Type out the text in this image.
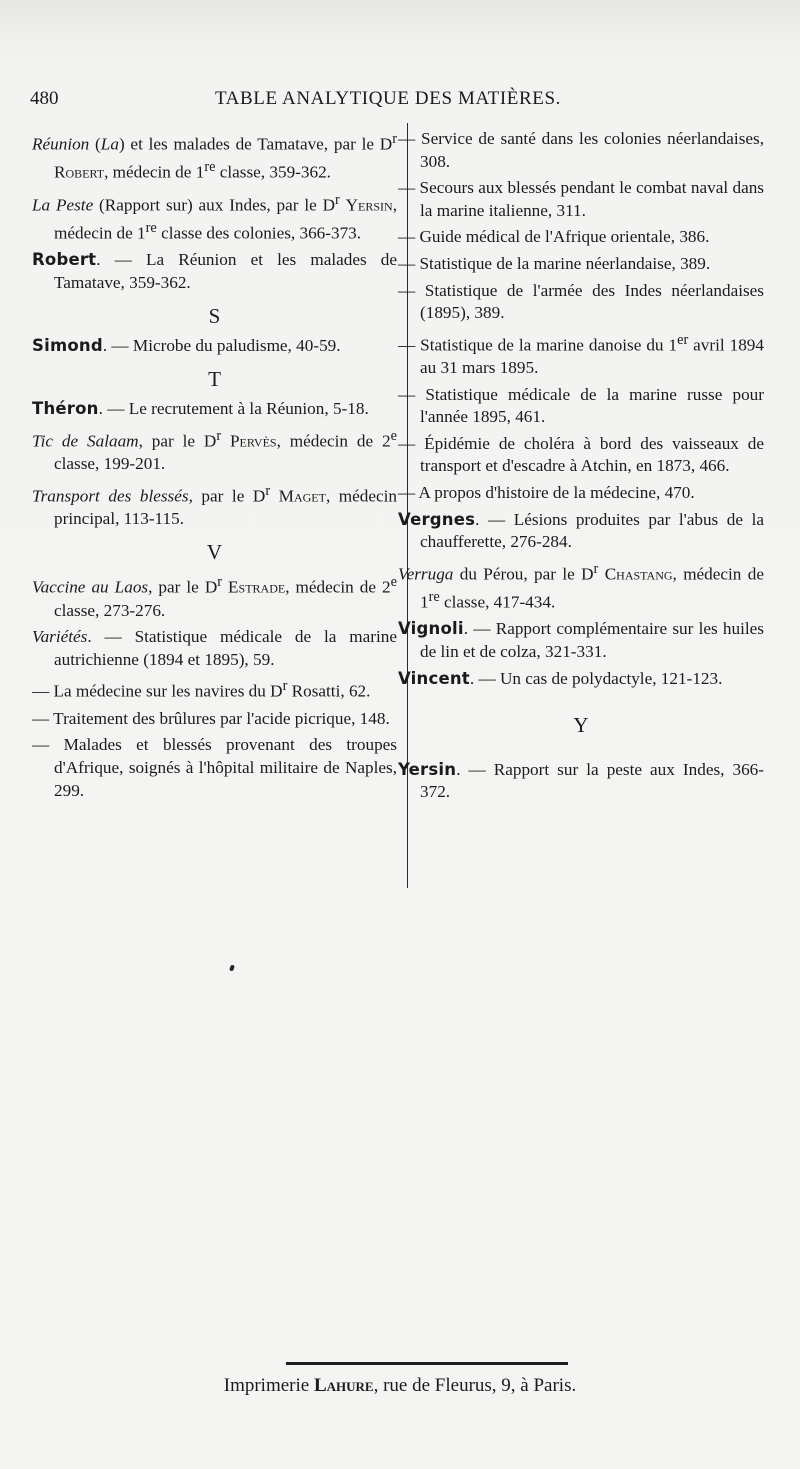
480	TABLE ANALYTIQUE DES MATIÈRES.

Réunion (La) et les malades de Tamatave, par le $D^r$ Robert, médecin de 1re classe, 359-362.

La Peste (Rapport sur) aux Indes, par le $D^r$ Yersin, médecin de 1re classe des colonies, 366-373.

Robert. — La Réunion et les malades de Tamatave, 359-362.

S

Simond. — Microbe du paludisme, 40-59.

T

Théron. — Le recrutement à la Réunion, 5-18.

Tic de Salaam, par le $D^r$ Pervès, médecin de 2e classe, 199-201.

Transport des blessés, par le $D^r$ Maget, médecin principal, 113-115.

V

Vaccine au Laos, par le $D^r$ Estrade, médecin de 2e classe, 273-276.

Variétés. — Statistique médicale de la marine autrichienne (1894 et 1895), 59.

— La médecine sur les navires du $D^r$ Rosatti, 62.

— Traitement des brûlures par l'acide picrique, 148.

— Malades et blessés provenant des troupes d'Afrique, soignés à l'hôpital militaire de Naples, 299.

— Service de santé dans les colonies néerlandaises, 308.

— Secours aux blessés pendant le combat naval dans la marine italienne, 311.

— Guide médical de l'Afrique orientale, 386.

— Statistique de la marine néerlandaise, 389.

— Statistique de l'armée des Indes néerlandaises (1895), 389.

— Statistique de la marine danoise du 1er avril 1894 au 31 mars 1895.

— Statistique médicale de la marine russe pour l'année 1895, 461.

— Épidémie de choléra à bord des vaisseaux de transport et d'escadre à Atchin, en 1873, 466.

— A propos d'histoire de la médecine, 470.

Vergnes. — Lésions produites par l'abus de la chaufferette, 276-284.

Verruga du Pérou, par le $D^r$ Chastang, médecin de 1re classe, 417-434.

Vignoli. — Rapport complémentaire sur les huiles de lin et de colza, 321-331.

Vincent. — Un cas de polydactyle, 121-123.

Y

Yersin. — Rapport sur la peste aux Indes, 366-372.

Imprimerie Lahure, rue de Fleurus, 9, à Paris.
